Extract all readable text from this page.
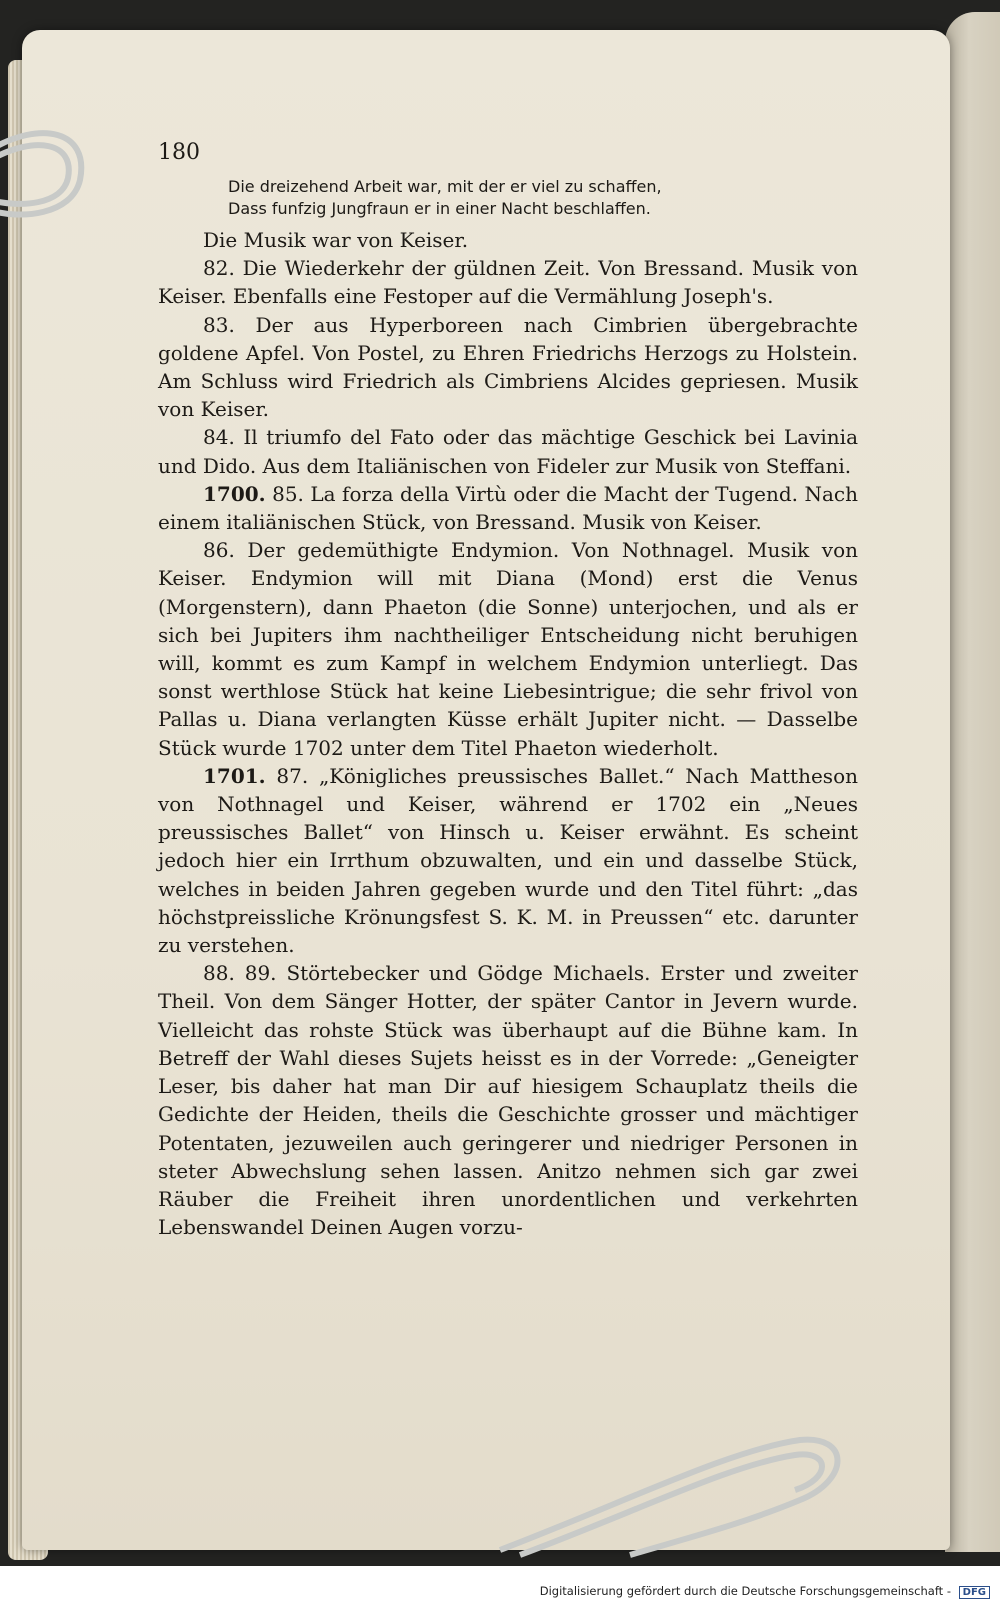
180
Die dreizehend Arbeit war, mit der er viel zu schaffen,
Dass funfzig Jungfraun er in einer Nacht beschlaffen.

Die Musik war von Keiser.

82. Die Wiederkehr der güldnen Zeit. Von Bressand. Musik von Keiser. Ebenfalls eine Festoper auf die Vermählung Joseph's.

83. Der aus Hyperboreen nach Cimbrien übergebrachte goldene Apfel. Von Postel, zu Ehren Friedrichs Herzogs zu Holstein. Am Schluss wird Friedrich als Cimbriens Alcides gepriesen. Musik von Keiser.

84. Il triumfo del Fato oder das mächtige Geschick bei Lavinia und Dido. Aus dem Italiänischen von Fideler zur Musik von Steffani.

1700. 85. La forza della Virtù oder die Macht der Tugend. Nach einem italiänischen Stück, von Bressand. Musik von Keiser.

86. Der gedemüthigte Endymion. Von Nothnagel. Musik von Keiser. Endymion will mit Diana (Mond) erst die Venus (Morgenstern), dann Phaeton (die Sonne) unterjochen, und als er sich bei Jupiters ihm nachtheiliger Entscheidung nicht beruhigen will, kommt es zum Kampf in welchem Endymion unterliegt. Das sonst werthlose Stück hat keine Liebesintrigue; die sehr frivol von Pallas u. Diana verlangten Küsse erhält Jupiter nicht. — Dasselbe Stück wurde 1702 unter dem Titel Phaeton wiederholt.

1701. 87. „Königliches preussisches Ballet.“ Nach Mattheson von Nothnagel und Keiser, während er 1702 ein „Neues preussisches Ballet“ von Hinsch u. Keiser erwähnt. Es scheint jedoch hier ein Irrthum obzuwalten, und ein und dasselbe Stück, welches in beiden Jahren gegeben wurde und den Titel führt: „das höchstpreissliche Krönungsfest S. K. M. in Preussen“ etc. darunter zu verstehen.

88. 89. Störtebecker und Gödge Michaels. Erster und zweiter Theil. Von dem Sänger Hotter, der später Cantor in Jevern wurde. Vielleicht das rohste Stück was überhaupt auf die Bühne kam. In Betreff der Wahl dieses Sujets heisst es in der Vorrede: „Geneigter Leser, bis daher hat man Dir auf hiesigem Schauplatz theils die Gedichte der Heiden, theils die Geschichte grosser und mächtiger Potentaten, jezuweilen auch geringerer und niedriger Personen in steter Abwechslung sehen lassen. Anitzo nehmen sich gar zwei Räuber die Freiheit ihren unordentlichen und verkehrten Lebenswandel Deinen Augen vorzu-

Digitalisierung gefördert durch die Deutsche Forschungsgemeinschaft - DFG
